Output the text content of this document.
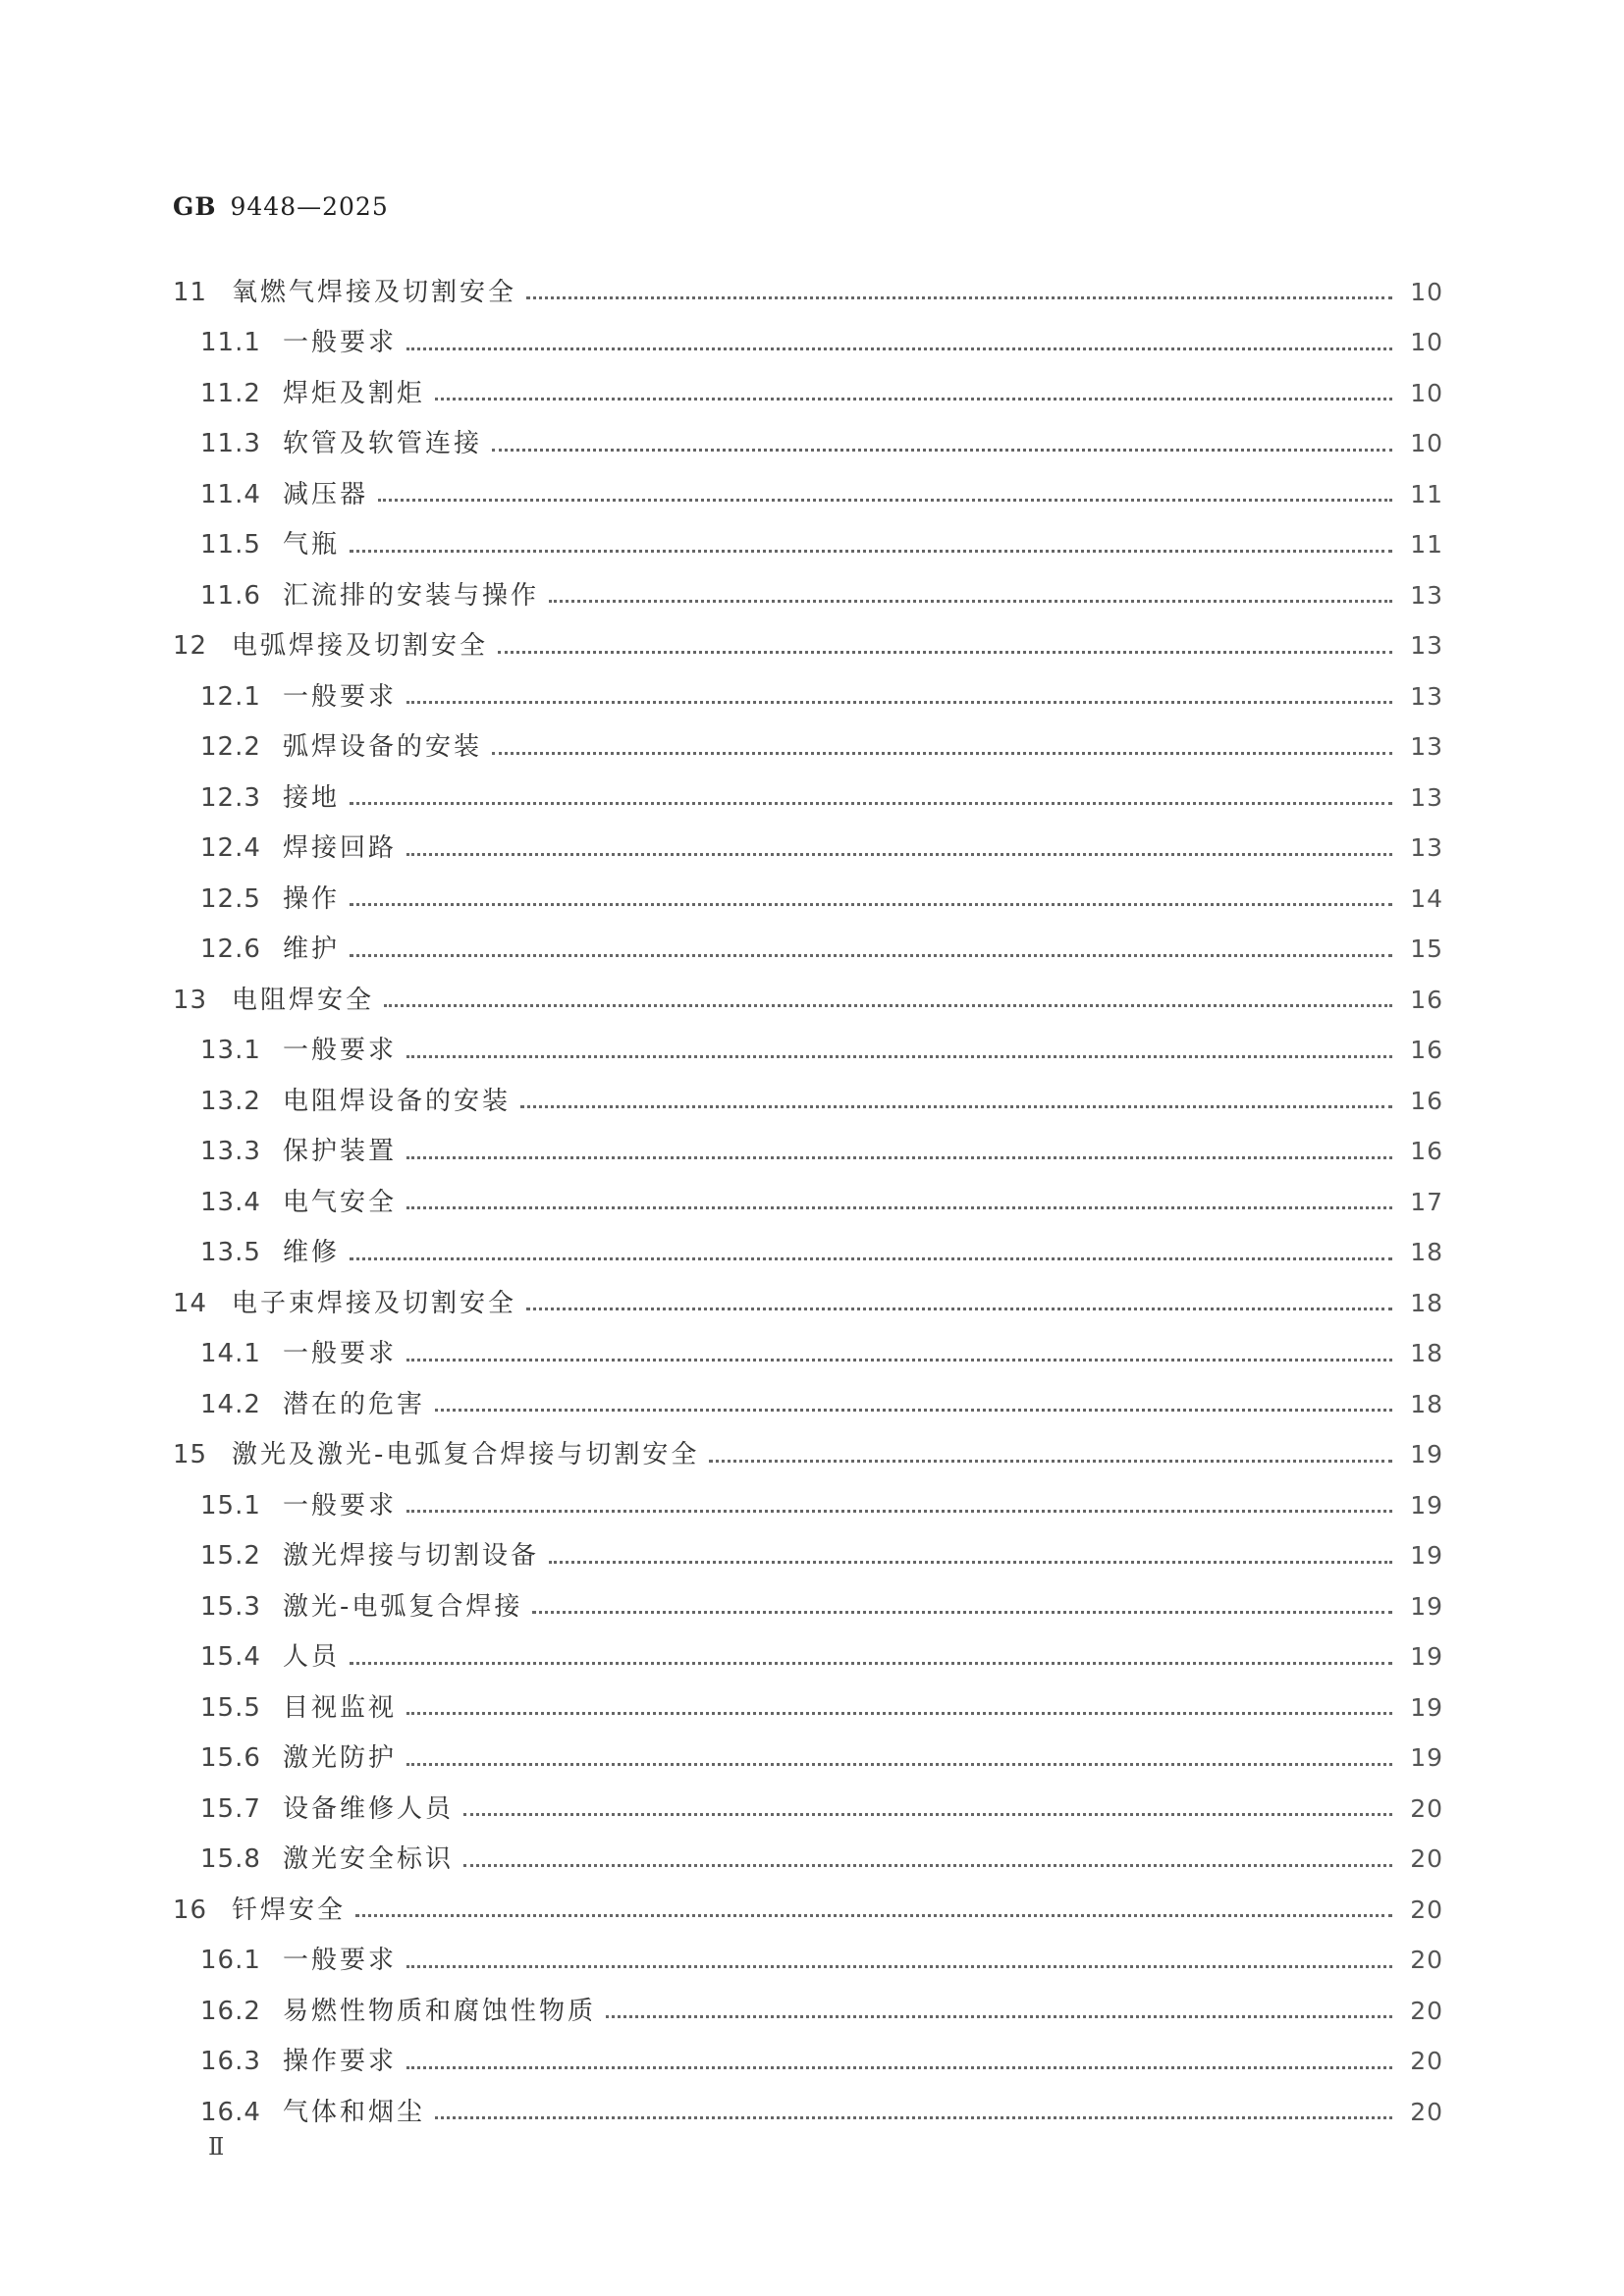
GB 9448—2025
11 氧燃气焊接及切割安全	10
11.1 一般要求	10
11.2 焊炬及割炬	10
11.3 软管及软管连接	10
11.4 减压器	11
11.5 气瓶	11
11.6 汇流排的安装与操作	13
12 电弧焊接及切割安全	13
12.1 一般要求	13
12.2 弧焊设备的安装	13
12.3 接地	13
12.4 焊接回路	13
12.5 操作	14
12.6 维护	15
13 电阻焊安全	16
13.1 一般要求	16
13.2 电阻焊设备的安装	16
13.3 保护装置	16
13.4 电气安全	17
13.5 维修	18
14 电子束焊接及切割安全	18
14.1 一般要求	18
14.2 潜在的危害	18
15 激光及激光-电弧复合焊接与切割安全	19
15.1 一般要求	19
15.2 激光焊接与切割设备	19
15.3 激光-电弧复合焊接	19
15.4 人员	19
15.5 目视监视	19
15.6 激光防护	19
15.7 设备维修人员	20
15.8 激光安全标识	20
16 钎焊安全	20
16.1 一般要求	20
16.2 易燃性物质和腐蚀性物质	20
16.3 操作要求	20
16.4 气体和烟尘	20
Ⅱ
